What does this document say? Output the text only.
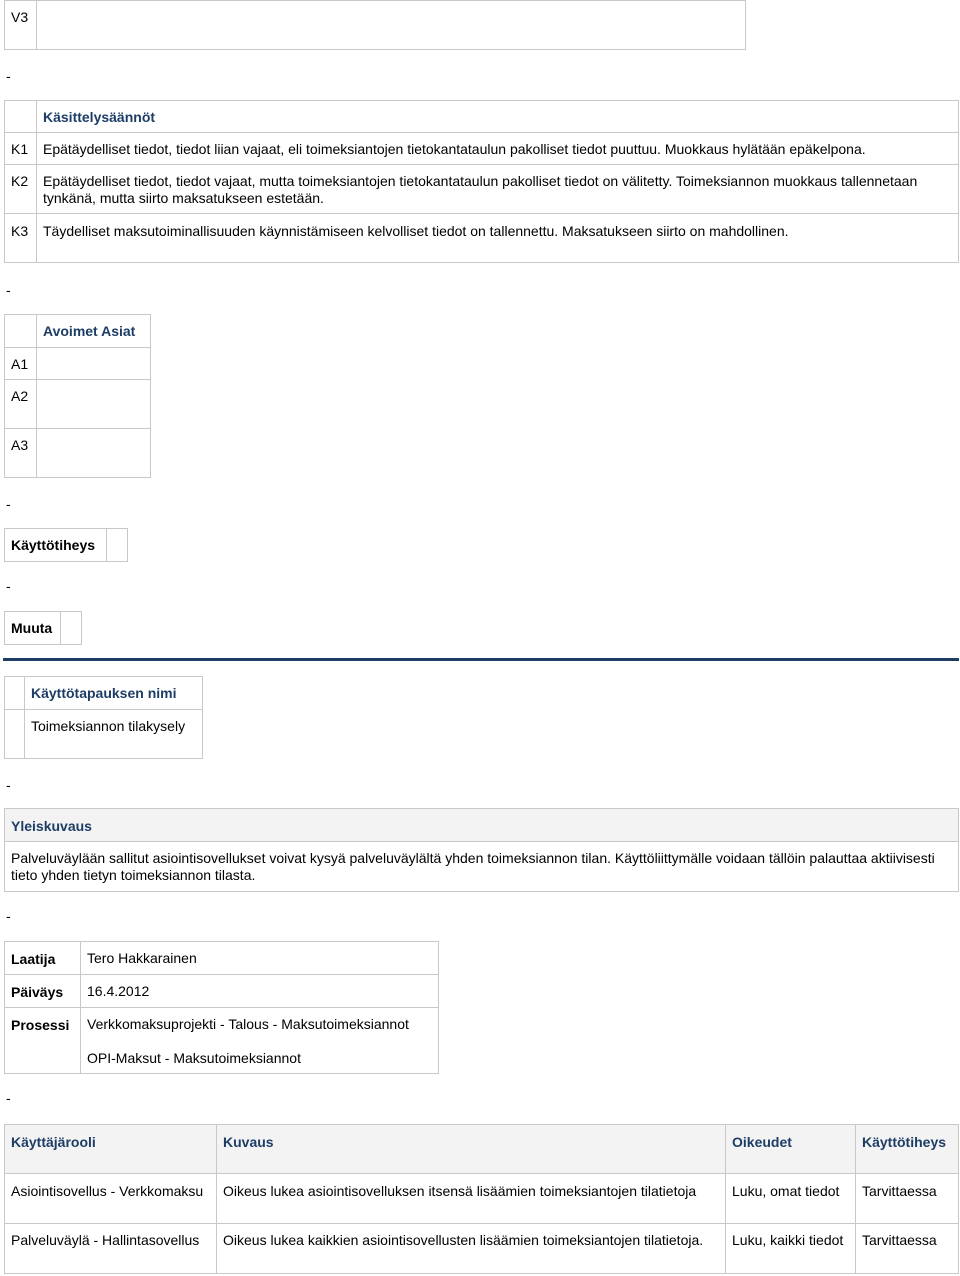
V3
-
Käsittelysäännöt
K1	Epätäydelliset tiedot, tiedot liian vajaat, eli toimeksiantojen tietokantataulun pakolliset tiedot puuttuu. Muokkaus hylätään epäkelpona.
K2	Epätäydelliset tiedot, tiedot vajaat, mutta toimeksiantojen tietokantataulun pakolliset tiedot on välitetty. Toimeksiannon muokkaus tallennetaan tynkänä, mutta siirto maksatukseen estetään.
K3	Täydelliset maksutoiminallisuuden käynnistämiseen kelvolliset tiedot on tallennettu. Maksatukseen siirto on mahdollinen.
-
Avoimet Asiat
A1
A2
A3
-
Käyttötiheys
-
Muuta
Käyttötapauksen nimi
Toimeksiannon tilakysely
-
Yleiskuvaus
Palveluväylään sallitut asiointisovellukset voivat kysyä palveluväylältä yhden toimeksiannon tilan. Käyttöliittymälle voidaan tällöin palauttaa aktiivisesti tieto yhden tietyn toimeksiannon tilasta.
-
Laatija	Tero Hakkarainen
Päiväys	16.4.2012
Prosessi	Verkkomaksuprojekti - Talous - Maksutoimeksiannot
OPI-Maksut - Maksutoimeksiannot
-
Käyttäjärooli	Kuvaus	Oikeudet	Käyttötiheys
Asiointisovellus - Verkkomaksu	Oikeus lukea asiointisovelluksen itsensä lisäämien toimeksiantojen tilatietoja	Luku, omat tiedot	Tarvittaessa
Palveluväylä - Hallintasovellus	Oikeus lukea kaikkien asiointisovellusten lisäämien toimeksiantojen tilatietoja.	Luku, kaikki tiedot	Tarvittaessa
